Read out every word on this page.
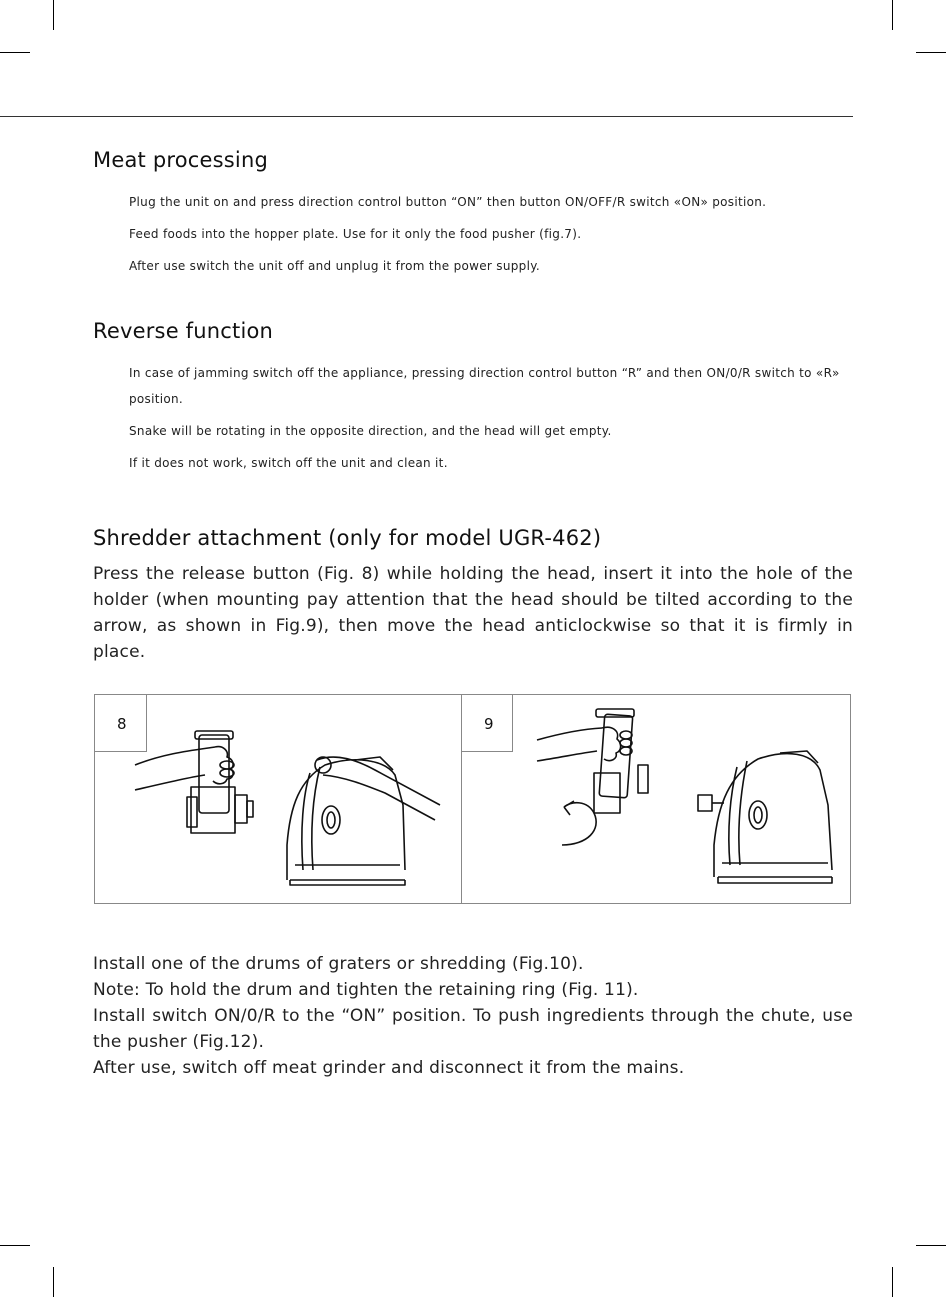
Meat processing

Plug the unit on and press direction control button “ON” then button ON/OFF/R switch «ON» position.

Feed foods into the hopper plate. Use for it only the food pusher (fig.7).

After use switch the unit off and unplug it from the power supply.

Reverse function

In case of jamming switch off the appliance, pressing direction control button “R” and then ON/0/R switch to «R» position.

Snake will be rotating in the opposite direction, and the head will get empty.

If it does not work, switch off the unit and clean it.

Shredder attachment (only for model UGR-462)

Press the release button (Fig. 8) while holding the head, insert it into the hole of the holder (when mounting pay attention that the head should be tilted according to the arrow, as shown in Fig.9), then move the head anticlockwise so that it is firmly in place.

8	9

Install one of the drums of graters or shredding (Fig.10).

Note: To hold the drum and tighten the retaining ring (Fig. 11).

Install switch ON/0/R to the “ON” position. To push ingredients through the chute, use the pusher (Fig.12).

After use, switch off meat grinder and disconnect it from the mains.
